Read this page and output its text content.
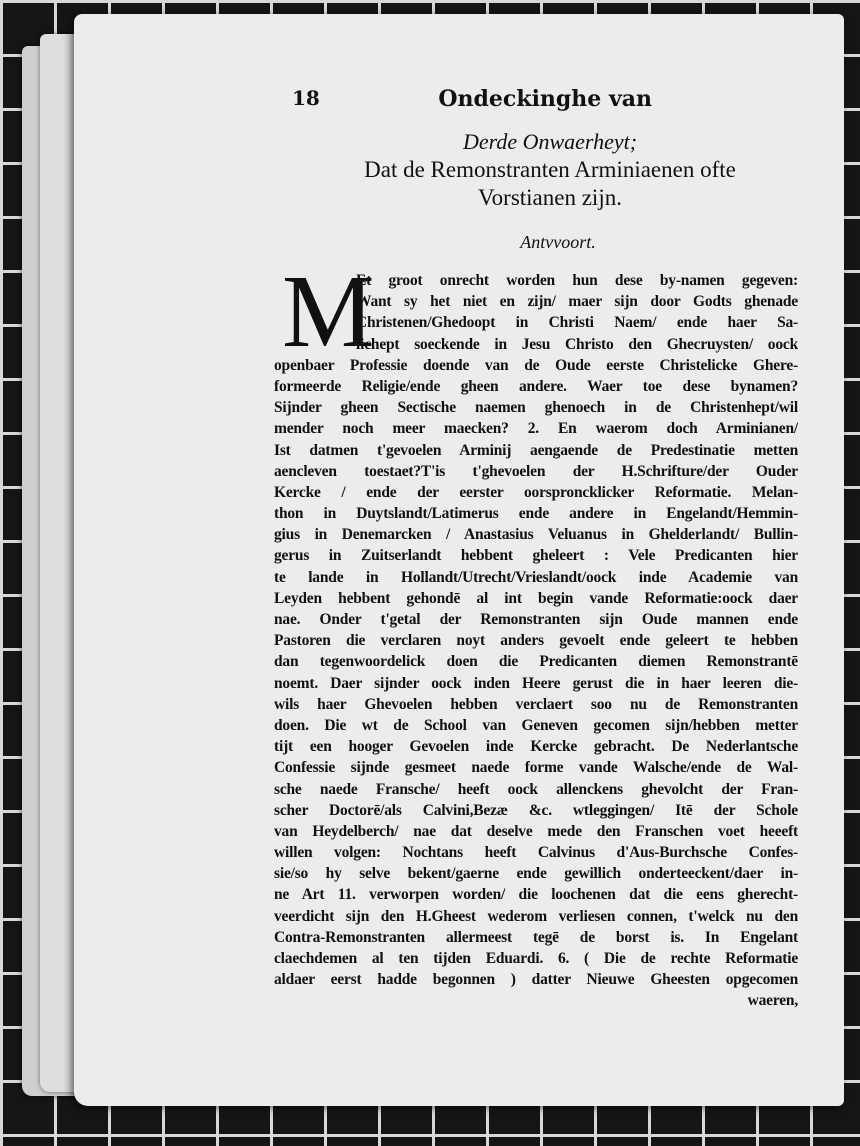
18	Ondeckinghe van
Derde Onwaerheyt;
Dat de Remonstranten Arminiaenen ofte
Vorstianen zijn.
Antvvoort.
M
Et groot onrecht worden hun dese by-namen gegeven:
Want sy het niet en zijn/ maer sijn door Godts ghenade
Christenen/Ghedoopt in Christi Naem/ ende haer Sa-
lichept soeckende in Jesu Christo den Ghecruysten/ oock
openbaer Professie doende van de Oude eerste Christelicke Ghere-
formeerde Religie/ende gheen andere. Waer toe dese bynamen?
Sijnder gheen Sectische naemen ghenoech in de Christenhept/wil
mender noch meer maecken? 2. En waerom doch Arminianen/
Ist datmen t'gevoelen Arminij aengaende de Predestinatie metten
aencleven toestaet?T'is t'ghevoelen der H.Schrifture/der Ouder
Kercke / ende der eerster oorsproncklicker Reformatie. Melan-
thon in Duytslandt/Latimerus ende andere in Engelandt/Hemmin-
gius in Denemarcken / Anastasius Veluanus in Ghelderlandt/ Bullin-
gerus in Zuitserlandt hebbent gheleert : Vele Predicanten hier
te lande in Hollandt/Utrecht/Vrieslandt/oock inde Academie van
Leyden hebbent gehondē al int begin vande Reformatie:oock daer
nae. Onder t'getal der Remonstranten sijn Oude mannen ende
Pastoren die verclaren noyt anders gevoelt ende geleert te hebben
dan tegenwoordelick doen die Predicanten diemen Remonstrantē
noemt. Daer sijnder oock inden Heere gerust die in haer leeren die-
wils haer Ghevoelen hebben verclaert soo nu de Remonstranten
doen. Die wt de School van Geneven gecomen sijn/hebben metter
tijt een hooger Gevoelen inde Kercke gebracht. De Nederlantsche
Confessie sijnde gesmeet naede forme vande Walsche/ende de Wal-
sche naede Fransche/ heeft oock allenckens ghevolcht der Fran-
scher Doctorē/als Calvini,Bezæ &c. wtleggingen/ Itē der Schole
van Heydelberch/ nae dat deselve mede den Franschen voet heeeft
willen volgen: Nochtans heeft Calvinus d'Aus-Burchsche Confes-
sie/so hy selve bekent/gaerne ende gewillich onderteeckent/daer in-
ne Art 11. verworpen worden/ die loochenen dat die eens gherecht-
veerdicht sijn den H.Gheest wederom verliesen connen, t'welck nu den
Contra-Remonstranten allermeest tegē de borst is. In Engelant
claechdemen al ten tijden Eduardi. 6. ( Die de rechte Reformatie
aldaer eerst hadde begonnen ) datter Nieuwe Gheesten opgecomen
waeren,
